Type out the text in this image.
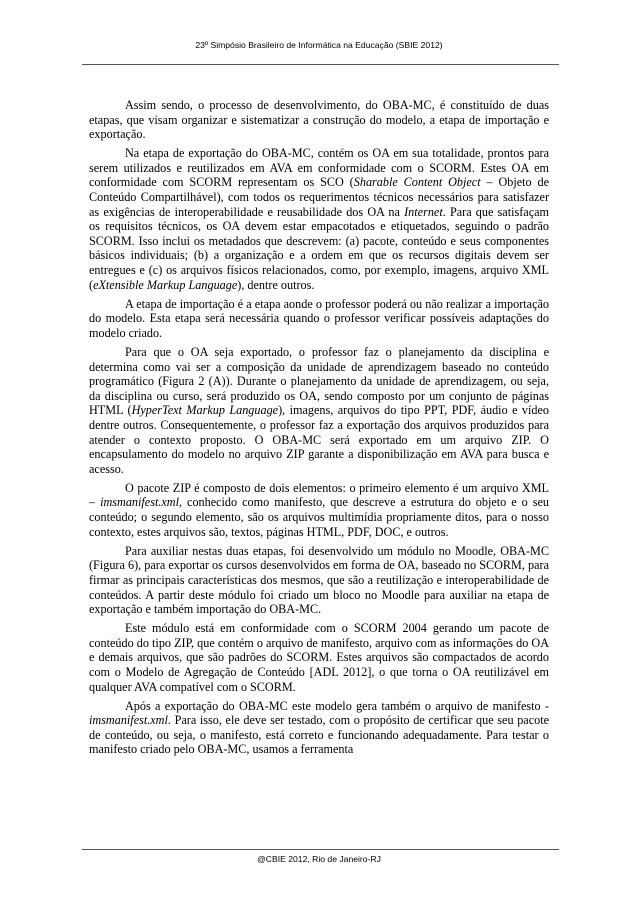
23º Simpósio Brasileiro de Informática na Educação (SBIE 2012)

Assim sendo, o processo de desenvolvimento, do OBA-MC, é constituído de duas etapas, que visam organizar e sistematizar a construção do modelo, a etapa de importação e exportação.

Na etapa de exportação do OBA-MC, contém os OA em sua totalidade, prontos para serem utilizados e reutilizados em AVA em conformidade com o SCORM. Estes OA em conformidade com SCORM representam os SCO (Sharable Content Object – Objeto de Conteúdo Compartilhável), com todos os requerimentos técnicos necessários para satisfazer as exigências de interoperabilidade e reusabilidade dos OA na Internet. Para que satisfaçam os requisitos técnicos, os OA devem estar empacotados e etiquetados, seguindo o padrão SCORM. Isso inclui os metadados que descrevem: (a) pacote, conteúdo e seus componentes básicos individuais; (b) a organização e a ordem em que os recursos digitais devem ser entregues e (c) os arquivos físicos relacionados, como, por exemplo, imagens, arquivo XML (eXtensible Markup Language), dentre outros.

A etapa de importação é a etapa aonde o professor poderá ou não realizar a importação do modelo. Esta etapa será necessária quando o professor verificar possíveis adaptações do modelo criado.

Para que o OA seja exportado, o professor faz o planejamento da disciplina e determina como vai ser a composição da unidade de aprendizagem baseado no conteúdo programático (Figura 2 (A)). Durante o planejamento da unidade de aprendizagem, ou seja, da disciplina ou curso, será produzido os OA, sendo composto por um conjunto de páginas HTML (HyperText Markup Language), imagens, arquivos do tipo PPT, PDF, áudio e vídeo dentre outros. Consequentemente, o professor faz a exportação dos arquivos produzidos para atender o contexto proposto. O OBA-MC será exportado em um arquivo ZIP. O encapsulamento do modelo no arquivo ZIP garante a disponibilização em AVA para busca e acesso.

O pacote ZIP é composto de dois elementos: o primeiro elemento é um arquivo XML – imsmanifest.xml, conhecido como manifesto, que descreve a estrutura do objeto e o seu conteúdo; o segundo elemento, são os arquivos multimídia propriamente ditos, para o nosso contexto, estes arquivos são, textos, páginas HTML, PDF, DOC, e outros.

Para auxiliar nestas duas etapas, foi desenvolvido um módulo no Moodle, OBA-MC (Figura 6), para exportar os cursos desenvolvidos em forma de OA, baseado no SCORM, para firmar as principais características dos mesmos, que são a reutilização e interoperabilidade de conteúdos. A partir deste módulo foi criado um bloco no Moodle para auxiliar na etapa de exportação e também importação do OBA-MC.

Este módulo está em conformidade com o SCORM 2004 gerando um pacote de conteúdo do tipo ZIP, que contém o arquivo de manifesto, arquivo com as informações do OA e demais arquivos, que são padrões do SCORM. Estes arquivos são compactados de acordo com o Modelo de Agregação de Conteúdo [ADL 2012], o que torna o OA reutilizável em qualquer AVA compatível com o SCORM.

Após a exportação do OBA-MC este modelo gera também o arquivo de manifesto - imsmanifest.xml. Para isso, ele deve ser testado, com o propósito de certificar que seu pacote de conteúdo, ou seja, o manifesto, está correto e funcionando adequadamente. Para testar o manifesto criado pelo OBA-MC, usamos a ferramenta

@CBIE 2012, Rio de Janeiro-RJ
